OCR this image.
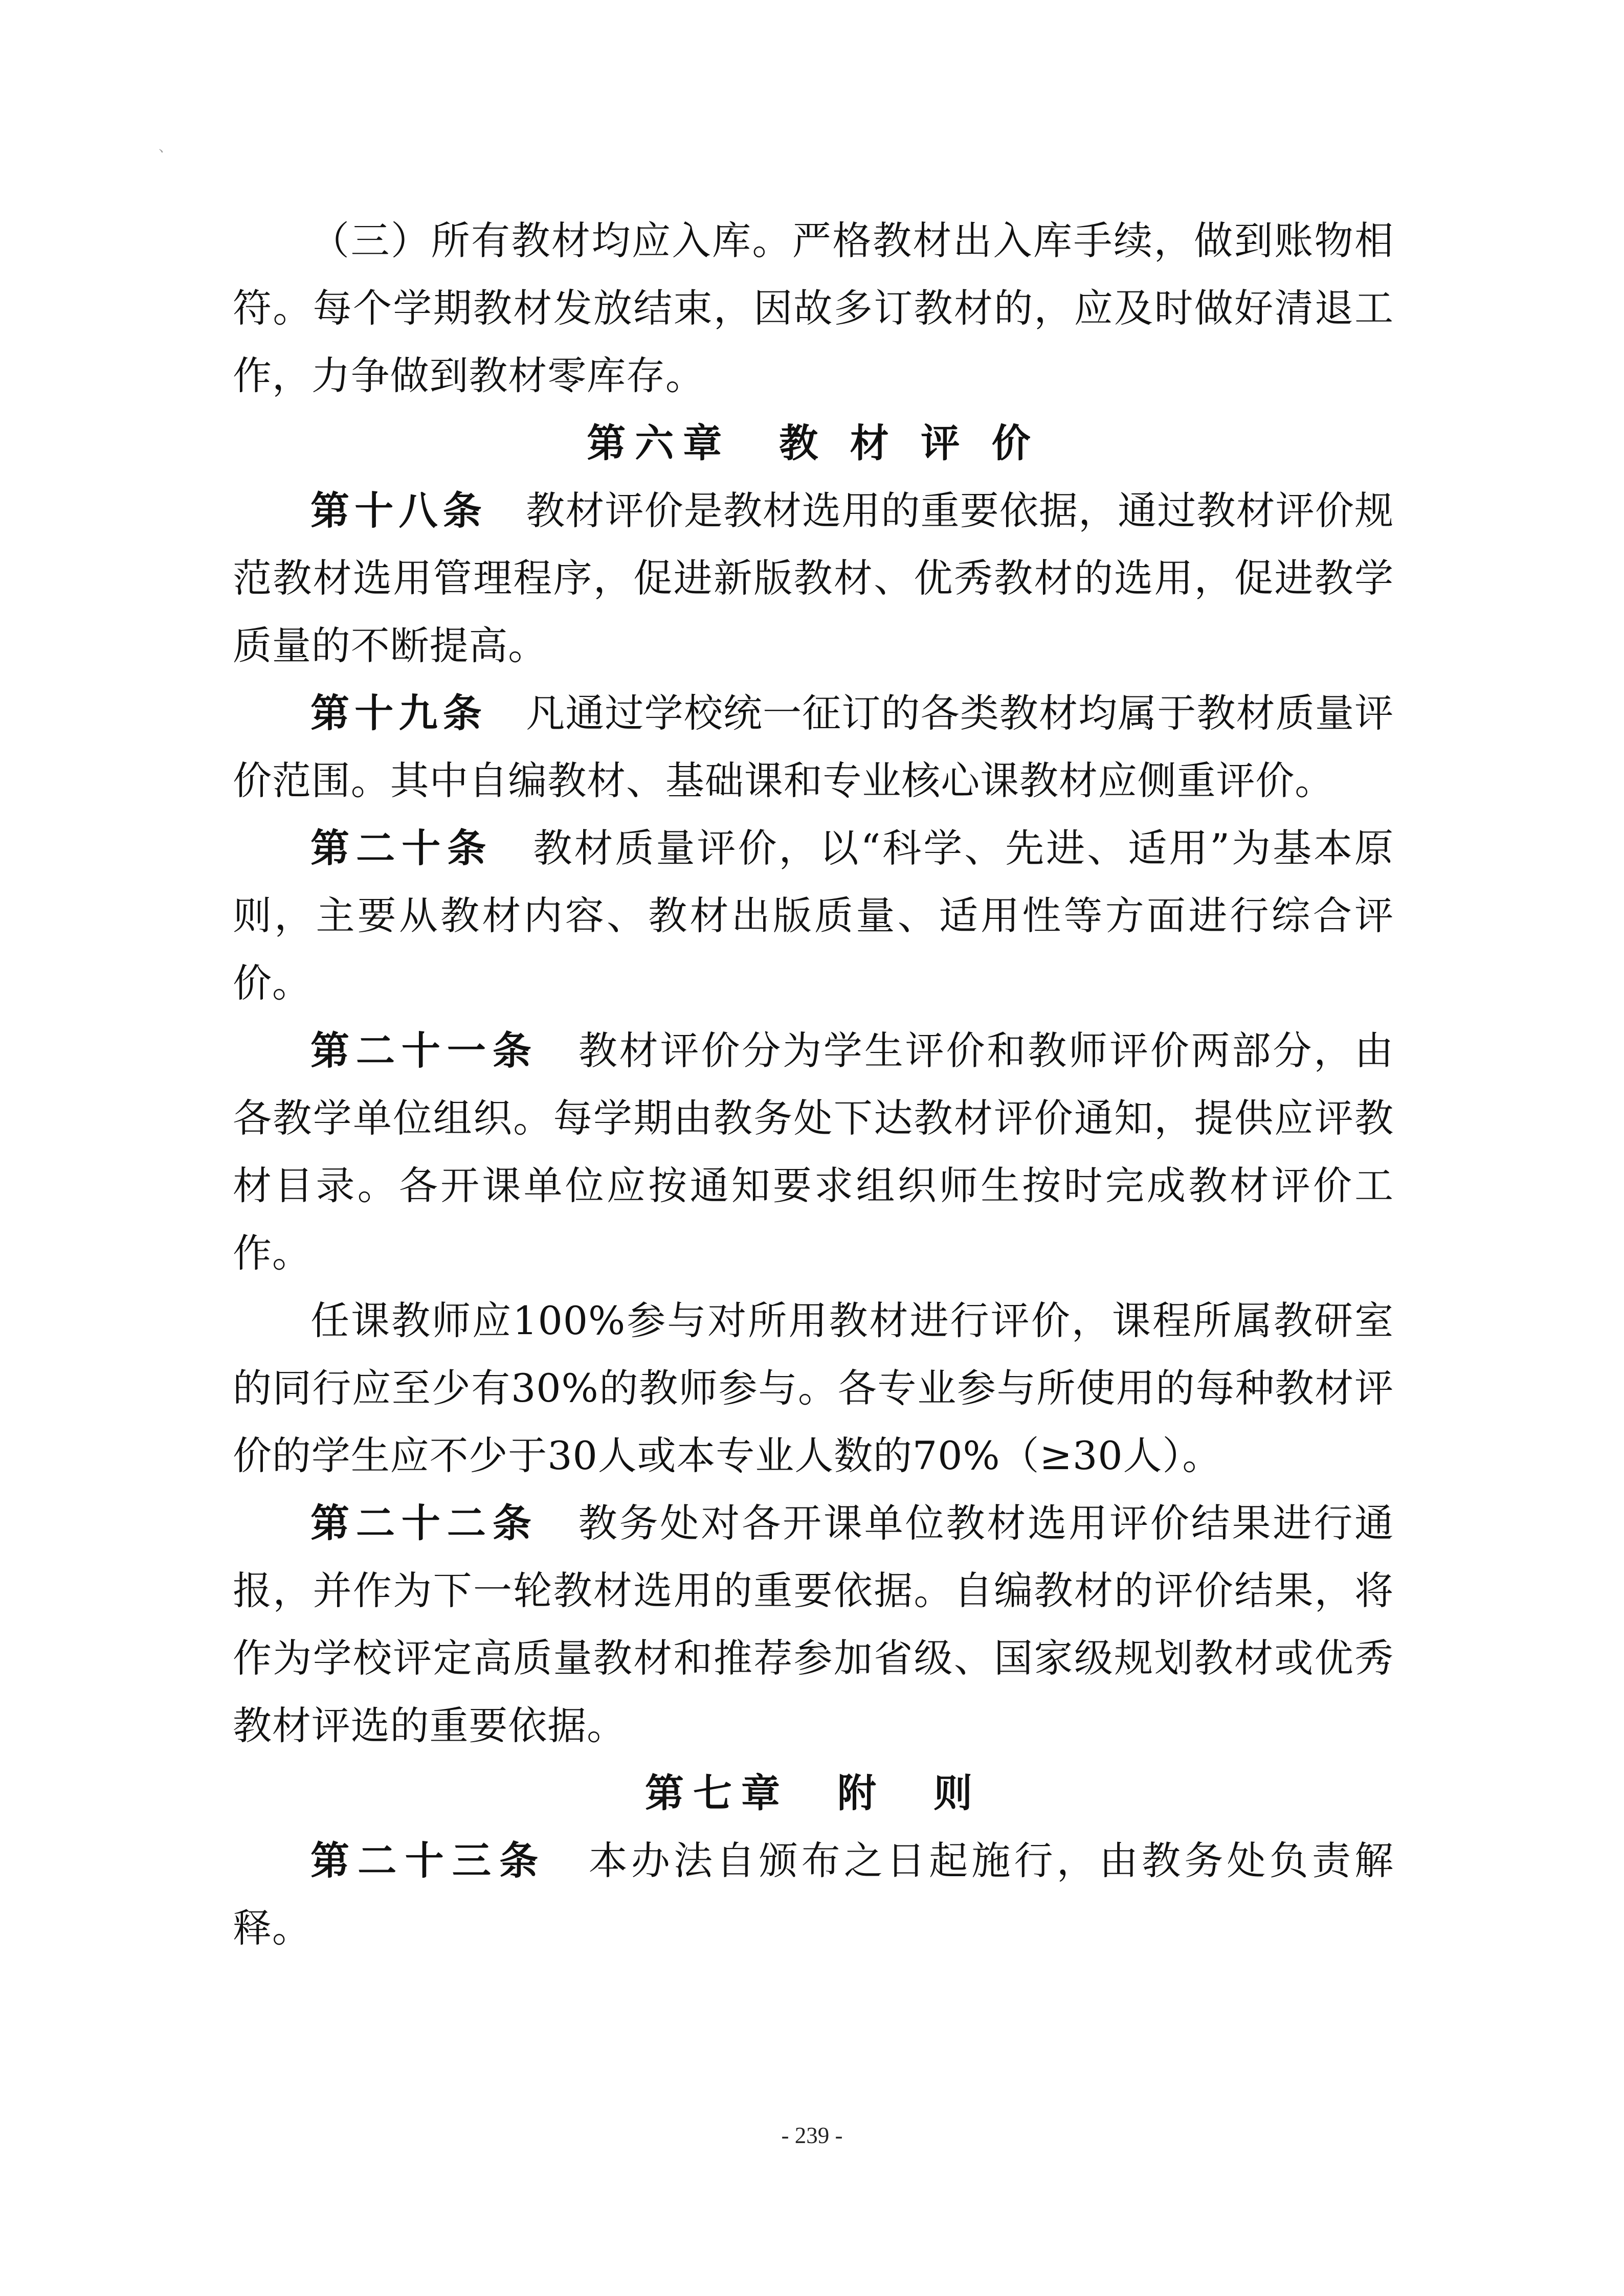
、

（三）所有教材均应入库。严格教材出入库手续，做到账物相符。每个学期教材发放结束，因故多订教材的，应及时做好清退工作，力争做到教材零库存。

第六章　教 材 评 价

第十八条 教材评价是教材选用的重要依据，通过教材评价规范教材选用管理程序，促进新版教材、优秀教材的选用，促进教学质量的不断提高。

第十九条 凡通过学校统一征订的各类教材均属于教材质量评价范围。其中自编教材、基础课和专业核心课教材应侧重评价。

第二十条 教材质量评价，以“科学、先进、适用”为基本原则，主要从教材内容、教材出版质量、适用性等方面进行综合评价。

第二十一条 教材评价分为学生评价和教师评价两部分，由各教学单位组织。每学期由教务处下达教材评价通知，提供应评教材目录。各开课单位应按通知要求组织师生按时完成教材评价工作。

任课教师应100%参与对所用教材进行评价，课程所属教研室的同行应至少有30%的教师参与。各专业参与所使用的每种教材评价的学生应不少于30人或本专业人数的70%（≥30人）。

第二十二条 教务处对各开课单位教材选用评价结果进行通报，并作为下一轮教材选用的重要依据。自编教材的评价结果，将作为学校评定高质量教材和推荐参加省级、国家级规划教材或优秀教材评选的重要依据。

第七章　附　则

第二十三条 本办法自颁布之日起施行，由教务处负责解释。

- 239 -
